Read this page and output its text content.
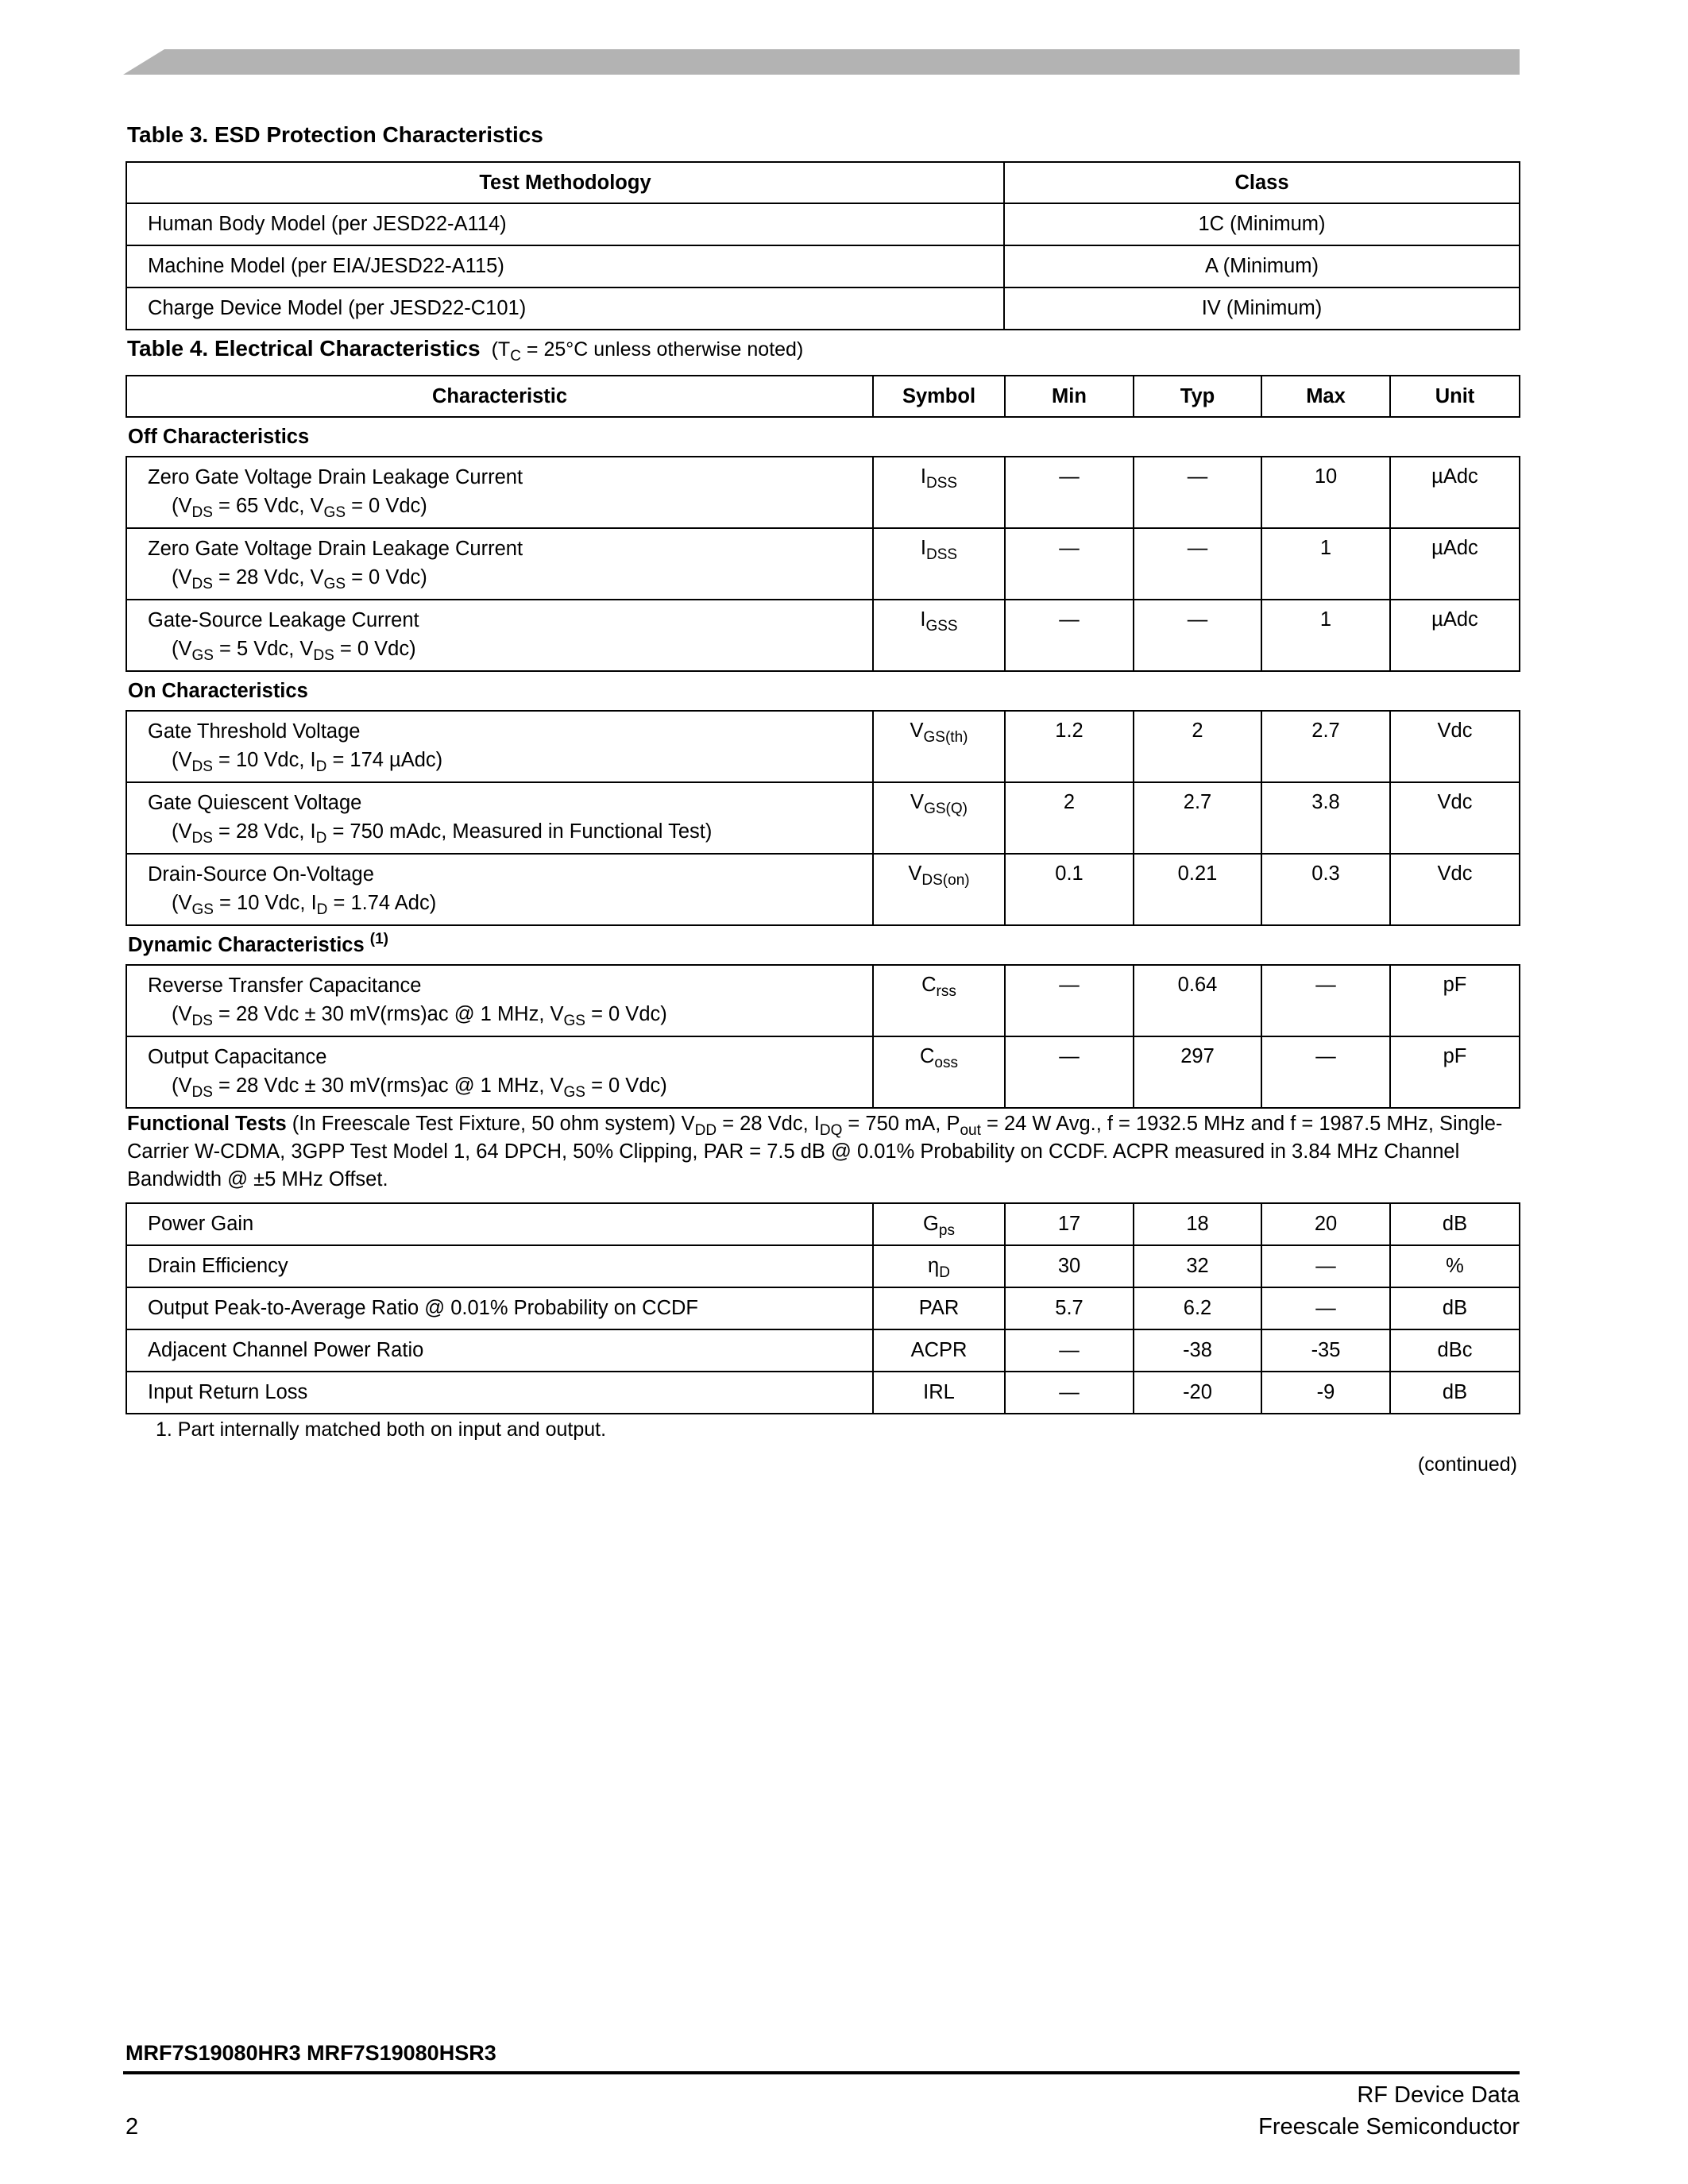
Table 3. ESD Protection Characteristics
Test Methodology	Class
Human Body Model (per JESD22-A114)	1C (Minimum)
Machine Model (per EIA/JESD22-A115)	A (Minimum)
Charge Device Model (per JESD22-C101)	IV (Minimum)
Table 4. Electrical Characteristics ($T_C = 25^\circ C$ unless otherwise noted)
Characteristic	Symbol	Min	Typ	Max	Unit
Off Characteristics					
Zero Gate Voltage Drain Leakage Current
($V_{DS} = 65$ Vdc, $V_{GS} = 0$ Vdc)	$I_{DSS}$	—	—	10	µAdc
Zero Gate Voltage Drain Leakage Current
($V_{DS} = 28$ Vdc, $V_{GS} = 0$ Vdc)	$I_{DSS}$	—	—	1	µAdc
Gate-Source Leakage Current
($V_{GS} = 5$ Vdc, $V_{DS} = 0$ Vdc)	$I_{GSS}$	—	—	1	µAdc
On Characteristics					
Gate Threshold Voltage
($V_{DS} = 10$ Vdc, $I_D = 174$ µAdc)	$V_{GS(th)}$	1.2	2	2.7	Vdc
Gate Quiescent Voltage
($V_{DS} = 28$ Vdc, $I_D = 750$ mAdc, Measured in Functional Test)	$V_{GS(Q)}$	2	2.7	3.8	Vdc
Drain-Source On-Voltage
($V_{GS} = 10$ Vdc, $I_D = 1.74$ Adc)	$V_{DS(on)}$	0.1	0.21	0.3	Vdc
Dynamic Characteristics $^{(1)}$
Reverse Transfer Capacitance
($V_{DS} = 28$ Vdc ± 30 mV(rms)ac @ 1 MHz, $V_{GS} = 0$ Vdc)	$C_{rss}$	—	0.64	—	pF
Output Capacitance
($V_{DS} = 28$ Vdc ± 30 mV(rms)ac @ 1 MHz, $V_{GS} = 0$ Vdc)	$C_{oss}$	—	297	—	pF
Functional Tests (In Freescale Test Fixture, 50 ohm system) $V_{DD} = 28$ Vdc, $I_{DQ} = 750$ mA, $P_{out} = 24$ W Avg., f = 1932.5 MHz and f = 1987.5 MHz, Single-Carrier W-CDMA, 3GPP Test Model 1, 64 DPCH, 50% Clipping, PAR = 7.5 dB @ 0.01% Probability on CCDF. ACPR measured in 3.84 MHz Channel Bandwidth @ ±5 MHz Offset.
Power Gain	$G_{ps}$	17	18	20	dB
Drain Efficiency	$\eta_D$	30	32	—	%
Output Peak-to-Average Ratio @ 0.01% Probability on CCDF	PAR	5.7	6.2	—	dB
Adjacent Channel Power Ratio	ACPR	—	-38	-35	dBc
Input Return Loss	IRL	—	-20	-9	dB
1. Part internally matched both on input and output.
(continued)
MRF7S19080HR3 MRF7S19080HSR3
RF Device Data
Freescale Semiconductor
2
